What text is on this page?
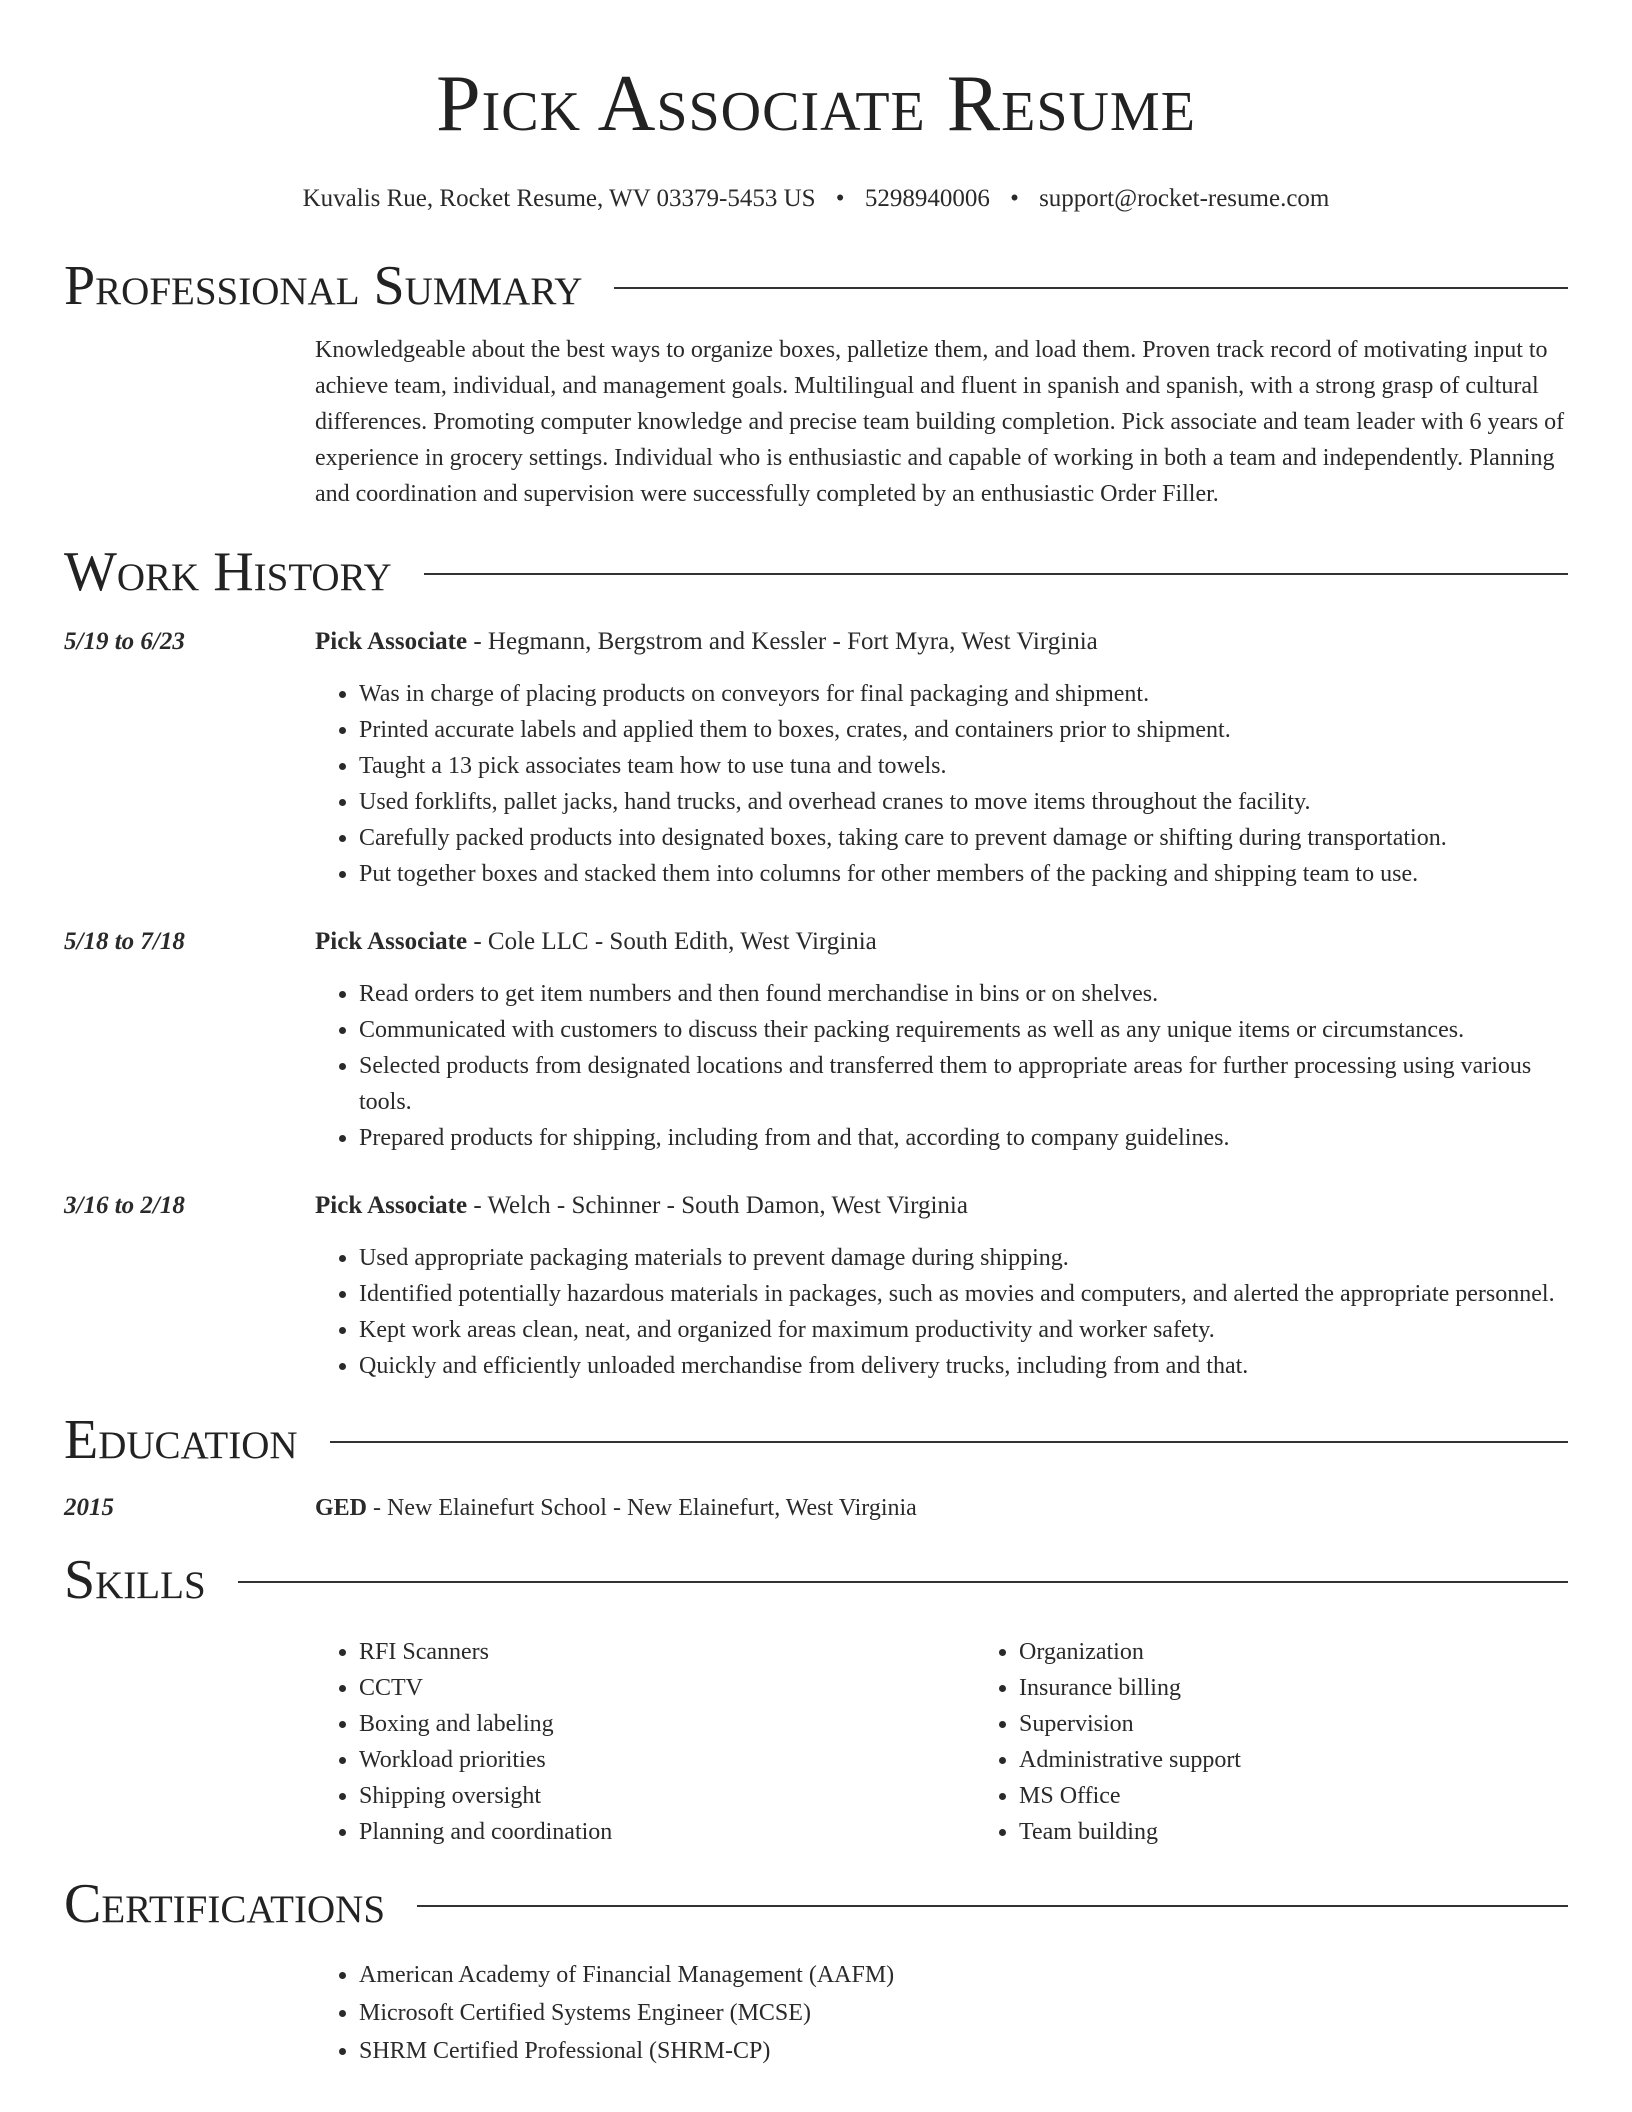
Pick Associate Resume
Kuvalis Rue, Rocket Resume, WV 03379-5453 US • 5298940006 • support@rocket-resume.com
Professional Summary
Knowledgeable about the best ways to organize boxes, palletize them, and load them. Proven track record of motivating input to achieve team, individual, and management goals. Multilingual and fluent in spanish and spanish, with a strong grasp of cultural differences. Promoting computer knowledge and precise team building completion. Pick associate and team leader with 6 years of experience in grocery settings. Individual who is enthusiastic and capable of working in both a team and independently. Planning and coordination and supervision were successfully completed by an enthusiastic Order Filler.
Work History
5/19 to 6/23	Pick Associate - Hegmann, Bergstrom and Kessler - Fort Myra, West Virginia
• Was in charge of placing products on conveyors for final packaging and shipment.
• Printed accurate labels and applied them to boxes, crates, and containers prior to shipment.
• Taught a 13 pick associates team how to use tuna and towels.
• Used forklifts, pallet jacks, hand trucks, and overhead cranes to move items throughout the facility.
• Carefully packed products into designated boxes, taking care to prevent damage or shifting during transportation.
• Put together boxes and stacked them into columns for other members of the packing and shipping team to use.
5/18 to 7/18	Pick Associate - Cole LLC - South Edith, West Virginia
• Read orders to get item numbers and then found merchandise in bins or on shelves.
• Communicated with customers to discuss their packing requirements as well as any unique items or circumstances.
• Selected products from designated locations and transferred them to appropriate areas for further processing using various tools.
• Prepared products for shipping, including from and that, according to company guidelines.
3/16 to 2/18	Pick Associate - Welch - Schinner - South Damon, West Virginia
• Used appropriate packaging materials to prevent damage during shipping.
• Identified potentially hazardous materials in packages, such as movies and computers, and alerted the appropriate personnel.
• Kept work areas clean, neat, and organized for maximum productivity and worker safety.
• Quickly and efficiently unloaded merchandise from delivery trucks, including from and that.
Education
2015	GED - New Elainefurt School - New Elainefurt, West Virginia
Skills
• RFI Scanners
• CCTV
• Boxing and labeling
• Workload priorities
• Shipping oversight
• Planning and coordination
• Organization
• Insurance billing
• Supervision
• Administrative support
• MS Office
• Team building
Certifications
• American Academy of Financial Management (AAFM)
• Microsoft Certified Systems Engineer (MCSE)
• SHRM Certified Professional (SHRM-CP)
